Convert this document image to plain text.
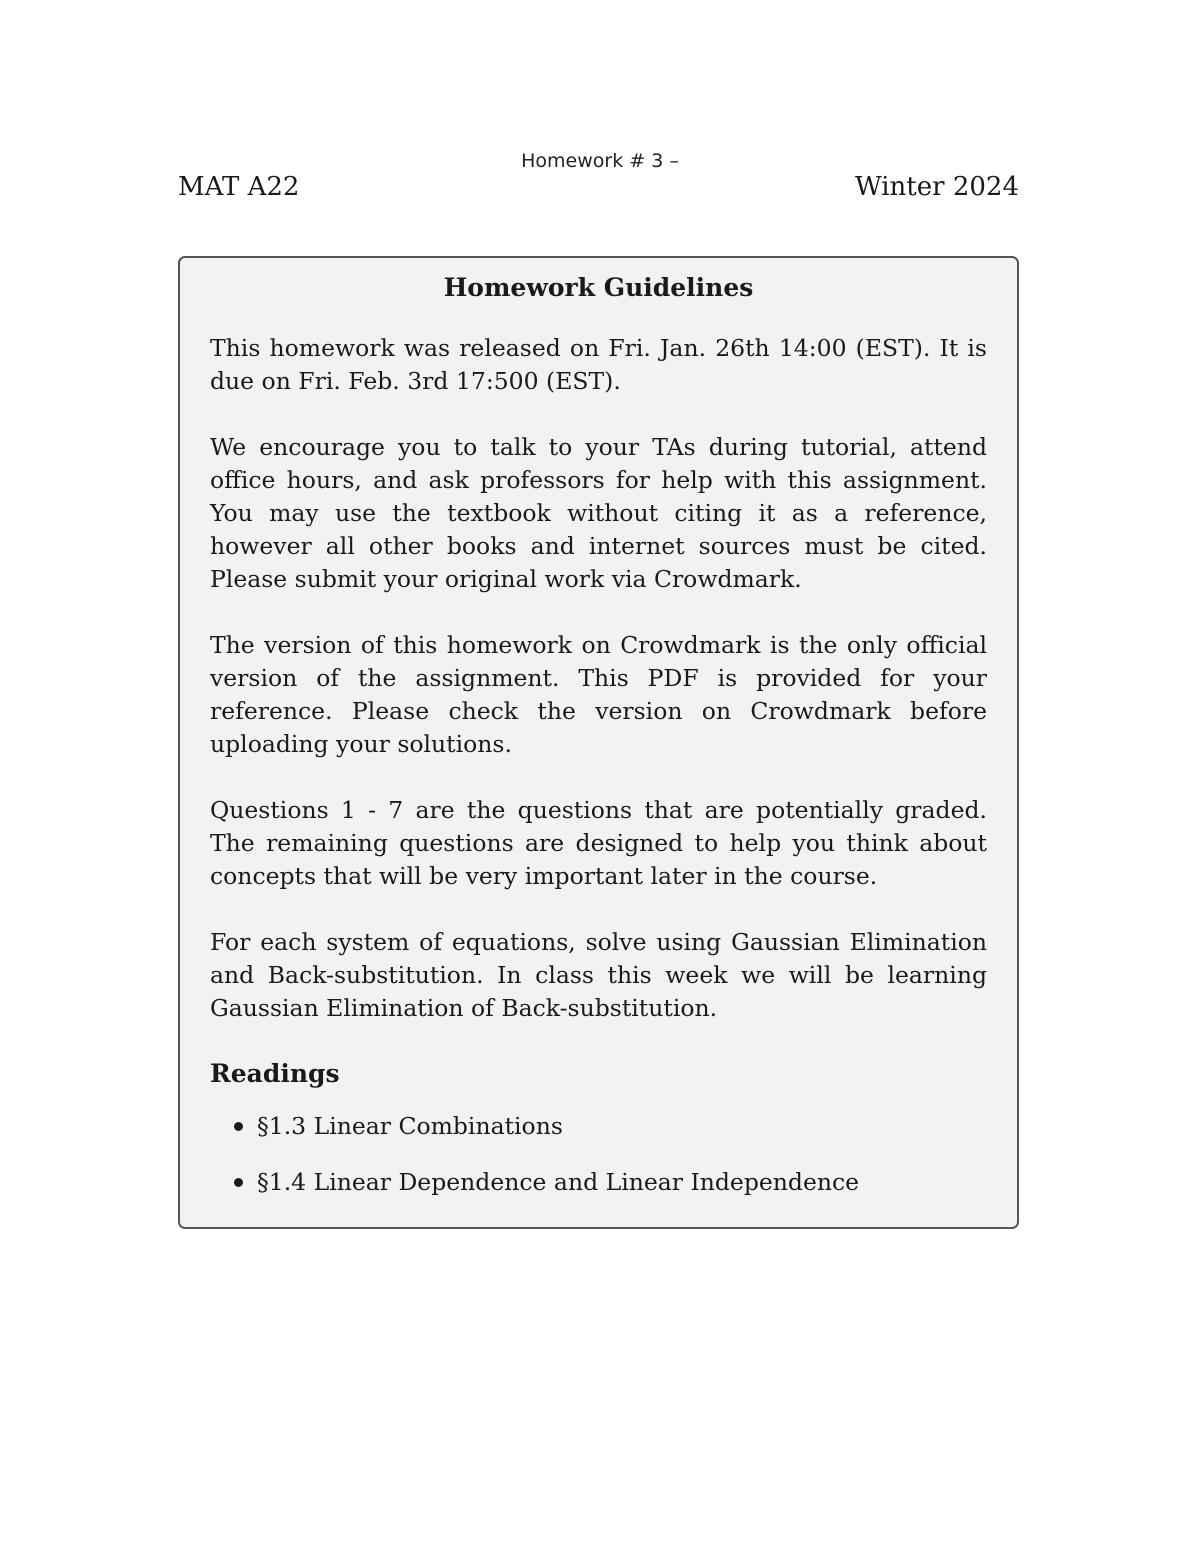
Homework # 3 –
MAT A22	Winter 2024
Homework Guidelines

This homework was released on Fri. Jan. 26th 14:00 (EST). It is due on Fri. Feb. 3rd 17:500 (EST).

We encourage you to talk to your TAs during tutorial, attend office hours, and ask professors for help with this assignment. You may use the textbook without citing it as a reference, however all other books and internet sources must be cited. Please submit your original work via Crowdmark.

The version of this homework on Crowdmark is the only official version of the assignment. This PDF is provided for your reference. Please check the version on Crowdmark before uploading your solutions.

Questions 1 - 7 are the questions that are potentially graded. The remaining questions are designed to help you think about concepts that will be very important later in the course.

For each system of equations, solve using Gaussian Elimination and Back-substitution. In class this week we will be learning Gaussian Elimination of Back-substitution.

Readings
§1.3 Linear Combinations
§1.4 Linear Dependence and Linear Independence
